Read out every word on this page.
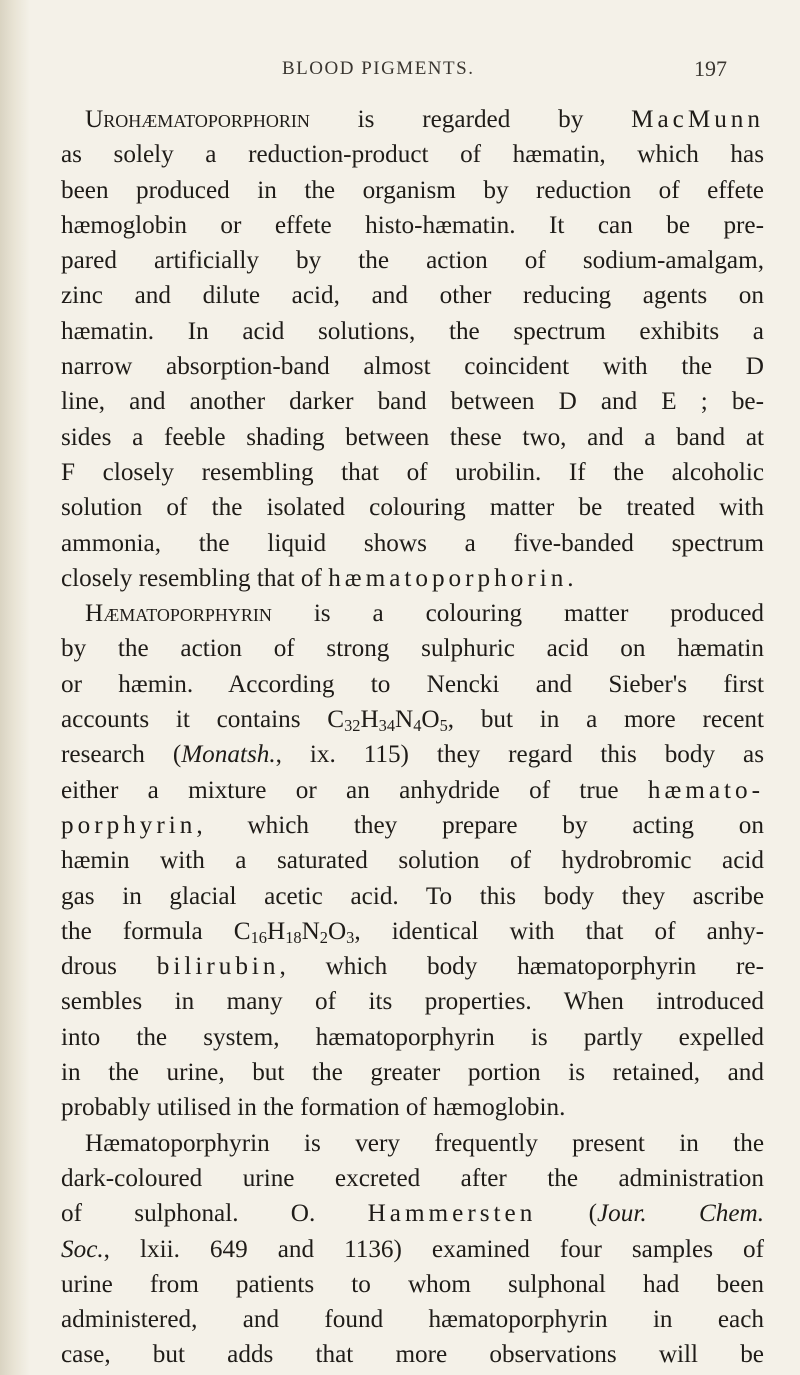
BLOOD PIGMENTS.	197
Urohæmatoporphorin is regarded by MacMunn
as solely a reduction-product of hæmatin, which has
been produced in the organism by reduction of effete
hæmoglobin or effete histo-hæmatin. It can be pre-
pared artificially by the action of sodium-amalgam,
zinc and dilute acid, and other reducing agents on
hæmatin. In acid solutions, the spectrum exhibits a
narrow absorption-band almost coincident with the D
line, and another darker band between D and E ; be-
sides a feeble shading between these two, and a band at
F closely resembling that of urobilin. If the alcoholic
solution of the isolated colouring matter be treated with
ammonia, the liquid shows a five-banded spectrum
closely resembling that of hæmatoporphorin.
Hæmatoporphyrin is a colouring matter produced
by the action of strong sulphuric acid on hæmatin
or hæmin. According to Nencki and Sieber's first
accounts it contains $C_{32}H_{34}N_4O_5$, but in a more recent
research (Monatsh., ix. 115) they regard this body as
either a mixture or an anhydride of true hæmato-
porphyrin, which they prepare by acting on
hæmin with a saturated solution of hydrobromic acid
gas in glacial acetic acid. To this body they ascribe
the formula $C_{16}H_{18}N_2O_3$, identical with that of anhy-
drous bilirubin, which body hæmatoporphyrin re-
sembles in many of its properties. When introduced
into the system, hæmatoporphyrin is partly expelled
in the urine, but the greater portion is retained, and
probably utilised in the formation of hæmoglobin.
Hæmatoporphyrin is very frequently present in the
dark-coloured urine excreted after the administration
of sulphonal. O. Hammersten (Jour. Chem.
Soc., lxii. 649 and 1136) examined four samples of
urine from patients to whom sulphonal had been
administered, and found hæmatoporphyrin in each
case, but adds that more observations will be
